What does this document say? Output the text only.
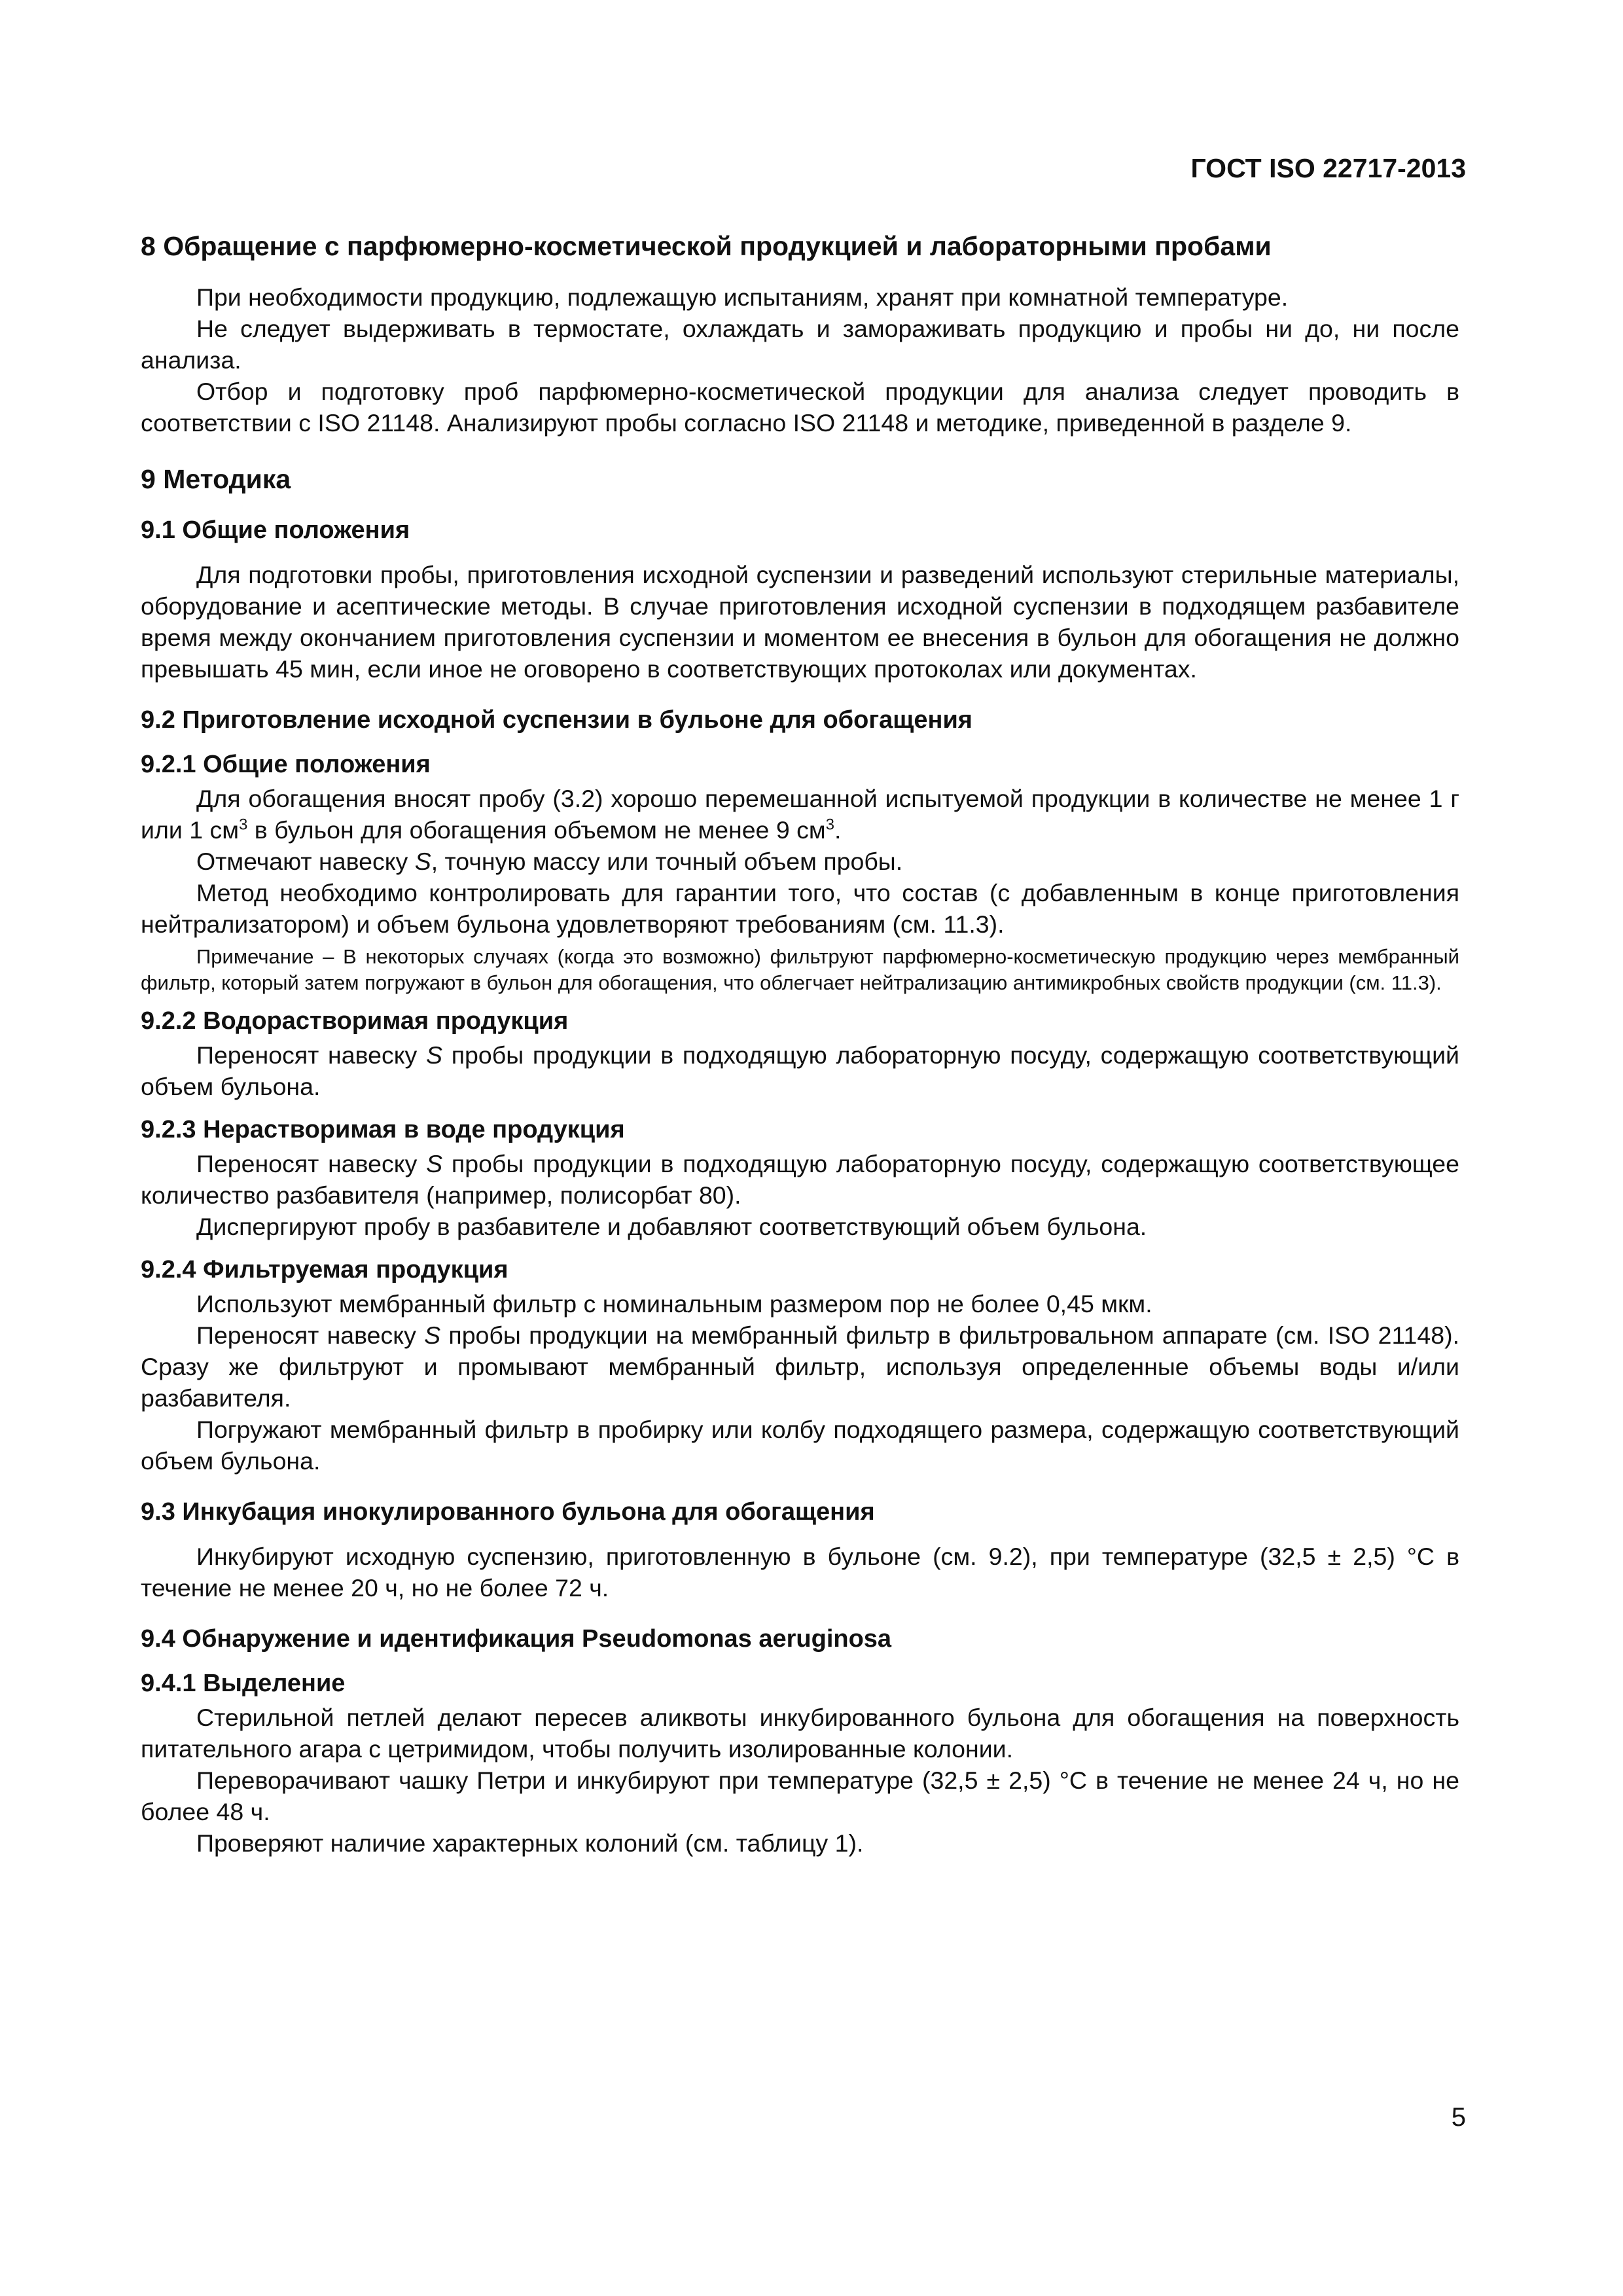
ГОСТ ISO 22717-2013
8 Обращение с парфюмерно-косметической продукцией и лабораторными пробами

При необходимости продукцию, подлежащую испытаниям, хранят при комнатной температуре.

Не следует выдерживать в термостате, охлаждать и замораживать продукцию и пробы ни до, ни после анализа.

Отбор и подготовку проб парфюмерно-косметической продукции для анализа следует проводить в соответствии с ISO 21148. Анализируют пробы согласно ISO 21148 и методике, приведенной в разделе 9.

9 Методика
9.1 Общие положения

Для подготовки пробы, приготовления исходной суспензии и разведений используют стерильные материалы, оборудование и асептические методы. В случае приготовления исходной суспензии в подходящем разбавителе время между окончанием приготовления суспензии и моментом ее внесения в бульон для обогащения не должно превышать 45 мин, если иное не оговорено в соответствующих протоколах или документах.

9.2 Приготовление исходной суспензии в бульоне для обогащения
9.2.1 Общие положения

Для обогащения вносят пробу (3.2) хорошо перемешанной испытуемой продукции в количестве не менее 1 г или 1 $см^3$ в бульон для обогащения объемом не менее 9 $см^3$.

Отмечают навеску S, точную массу или точный объем пробы.

Метод необходимо контролировать для гарантии того, что состав (с добавленным в конце приготовления нейтрализатором) и объем бульона удовлетворяют требованиям (см. 11.3).

Примечание – В некоторых случаях (когда это возможно) фильтруют парфюмерно-косметическую продукцию через мембранный фильтр, который затем погружают в бульон для обогащения, что облегчает нейтрализацию антимикробных свойств продукции (см. 11.3).

9.2.2 Водорастворимая продукция

Переносят навеску S пробы продукции в подходящую лабораторную посуду, содержащую соответствующий объем бульона.

9.2.3 Нерастворимая в воде продукция

Переносят навеску S пробы продукции в подходящую лабораторную посуду, содержащую соответствующее количество разбавителя (например, полисорбат 80).

Диспергируют пробу в разбавителе и добавляют соответствующий объем бульона.

9.2.4 Фильтруемая продукция

Используют мембранный фильтр с номинальным размером пор не более 0,45 мкм.

Переносят навеску S пробы продукции на мембранный фильтр в фильтровальном аппарате (см. ISO 21148). Сразу же фильтруют и промывают мембранный фильтр, используя определенные объемы воды и/или разбавителя.

Погружают мембранный фильтр в пробирку или колбу подходящего размера, содержащую соответствующий объем бульона.

9.3 Инкубация инокулированного бульона для обогащения

Инкубируют исходную суспензию, приготовленную в бульоне (см. 9.2), при температуре (32,5 ± 2,5) °С в течение не менее 20 ч, но не более 72 ч.

9.4 Обнаружение и идентификация Pseudomonas aeruginosa
9.4.1 Выделение

Стерильной петлей делают пересев аликвоты инкубированного бульона для обогащения на поверхность питательного агара с цетримидом, чтобы получить изолированные колонии.

Переворачивают чашку Петри и инкубируют при температуре (32,5 ± 2,5) °С в течение не менее 24 ч, но не более 48 ч.

Проверяют наличие характерных колоний (см. таблицу 1).

5
